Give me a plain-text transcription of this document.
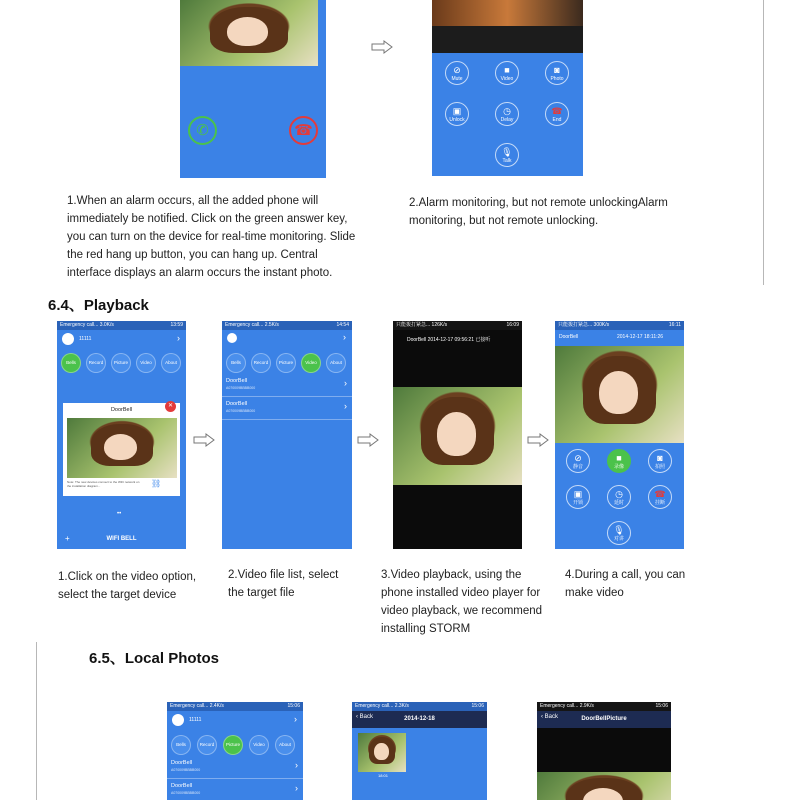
✆	☎
⊘
Mute
■
Video
◙
Photo
▣
Unlock
◷
Delay
☎
End
🎙
Talk
1.When an alarm occurs, all the added phone will
immediately be notified. Click on the green answer key,
you can turn on the device for real-time monitoring. Slide
the red hang up button, you can hang up. Central
interface displays an alarm occurs the instant photo.
2.Alarm monitoring, but not remote unlockingAlarm
monitoring, but not remote unlocking.
6.4、Playback
Emergency call... 3.0K/s	13:59
11111	›
Bells	Record	Picture	Video	About
DoorBell
✕
Note: The new devices connect to the WiFi network on the installation diagram...	⛓
••
WIFI BELL
+
Emergency call... 2.5K/s	14:54
›
Bells	Record	Picture	Video	About
DoorBell
A070009BBBB000	›
DoorBell
A070009BBBB000	›
只能拨打紧急... 126K/s	16:09
DoorBell 2014-12-17 09:56:21 已接听
只能拨打紧急... 300K/s	16:11
DoorBell	2014-12-17 18:11:26
⊘
静音
■
录像
◙
拍照
▣
开锁
◷
延时
☎
挂断
🎙
对讲
1.Click on the video option,
select the target device
2.Video file list, select
the target file
3.Video playback, using the
phone installed video player for
video playback, we recommend
installing STORM
4.During a call, you can
make video
6.5、Local Photos
Emergency call... 2.4K/s	15:06
11111	›
Bells	Record	Picture	Video	About
DoorBell
A070009BBBB000	›
DoorBell
A070009BBBB000	›
Emergency call... 2.3K/s	15:06
‹ Back	2014-12-18
18:01
Emergency call... 2.9K/s	15:06
‹ Back	DoorBellPicture
